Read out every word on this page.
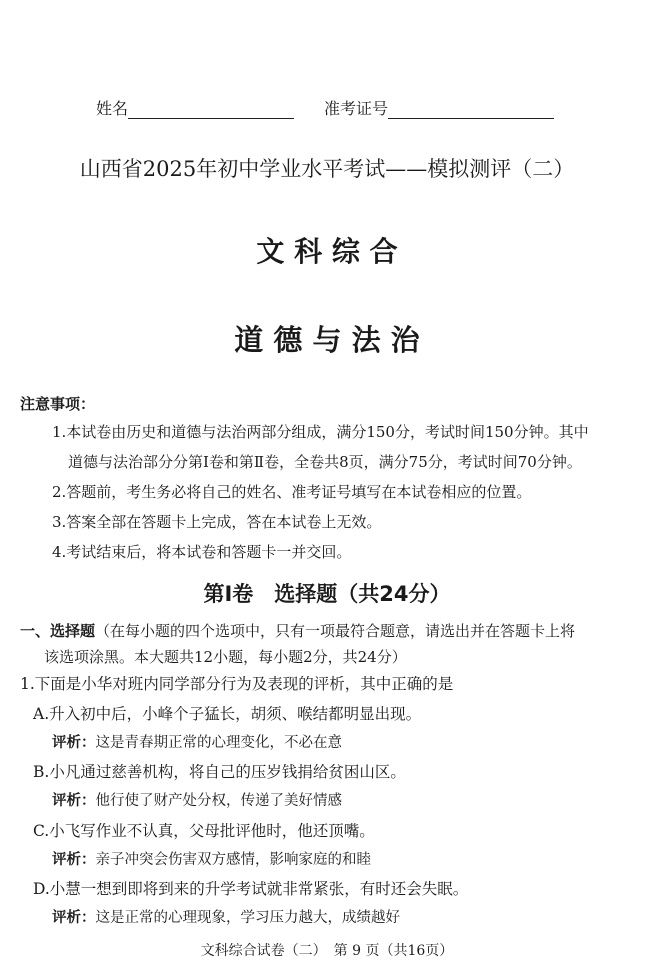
姓名	准考证号
山西省2025年初中学业水平考试——模拟测评（二）
文 科 综 合
道 德 与 法 治
注意事项：
1.本试卷由历史和道德与法治两部分组成，满分150分，考试时间150分钟。其中
道德与法治部分分第Ⅰ卷和第Ⅱ卷，全卷共8页，满分75分，考试时间70分钟。
2.答题前，考生务必将自己的姓名、准考证号填写在本试卷相应的位置。
3.答案全部在答题卡上完成，答在本试卷上无效。
4.考试结束后，将本试卷和答题卡一并交回。
第Ⅰ卷　选择题（共24分）
一、选择题（在每小题的四个选项中，只有一项最符合题意，请选出并在答题卡上将
该选项涂黑。本大题共12小题，每小题2分，共24分）
1.下面是小华对班内同学部分行为及表现的评析，其中正确的是
A.升入初中后，小峰个子猛长，胡须、喉结都明显出现。
评析：这是青春期正常的心理变化，不必在意
B.小凡通过慈善机构，将自己的压岁钱捐给贫困山区。
评析：他行使了财产处分权，传递了美好情感
C.小飞写作业不认真，父母批评他时，他还顶嘴。
评析：亲子冲突会伤害双方感情，影响家庭的和睦
D.小慧一想到即将到来的升学考试就非常紧张，有时还会失眠。
评析：这是正常的心理现象，学习压力越大，成绩越好
文科综合试卷（二）　第 9 页（共16页）
